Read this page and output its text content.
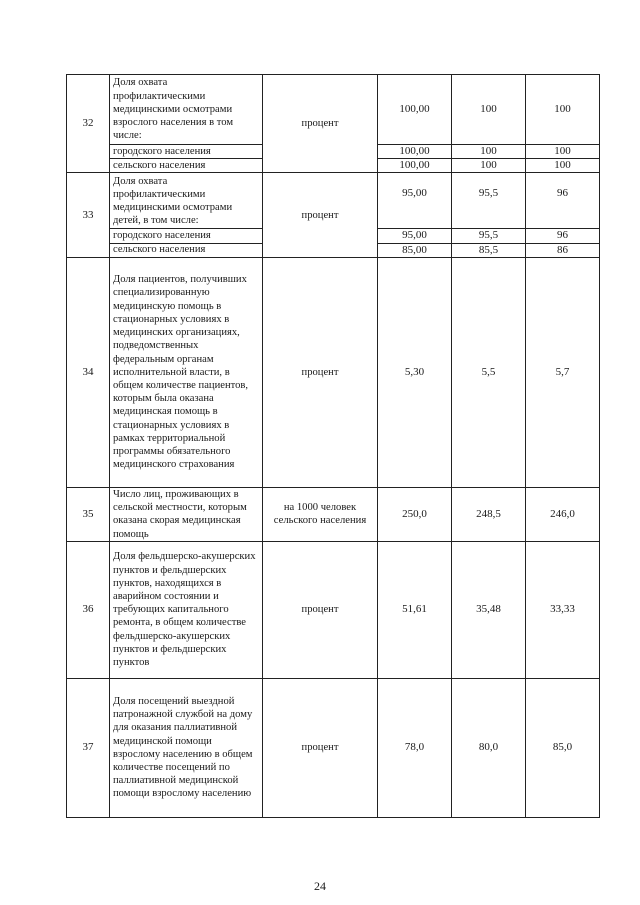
32	Доля охвата профилактическими медицинскими осмотрами взрослого населения в том числе:	процент	100,00	100	100
	городского населения		100,00	100	100
	сельского населения		100,00	100	100
33	Доля охвата профилактическими медицинскими осмотрами детей, в том числе:	процент	95,00	95,5	96
	городского населения		95,00	95,5	96
	сельского населения		85,00	85,5	86
34	Доля пациентов, получивших специализированную медицинскую помощь в стационарных условиях в медицинских организациях, подведомственных федеральным органам исполнительной власти, в общем количестве пациентов, которым была оказана медицинская помощь в стационарных условиях в рамках территориальной программы обязательного медицинского страхования	процент	5,30	5,5	5,7
35	Число лиц, проживающих в сельской местности, которым оказана скорая медицинская помощь	на 1000 человек сельского населения	250,0	248,5	246,0
36	Доля фельдшерско-акушерских пунктов и фельдшерских пунктов, находящихся в аварийном состоянии и требующих капитального ремонта, в общем количестве фельдшерско-акушерских пунктов и фельдшерских пунктов	процент	51,61	35,48	33,33
37	Доля посещений выездной патронажной службой на дому для оказания паллиативной медицинской помощи взрослому населению в общем количестве посещений по паллиативной медицинской помощи взрослому населению	процент	78,0	80,0	85,0
24
